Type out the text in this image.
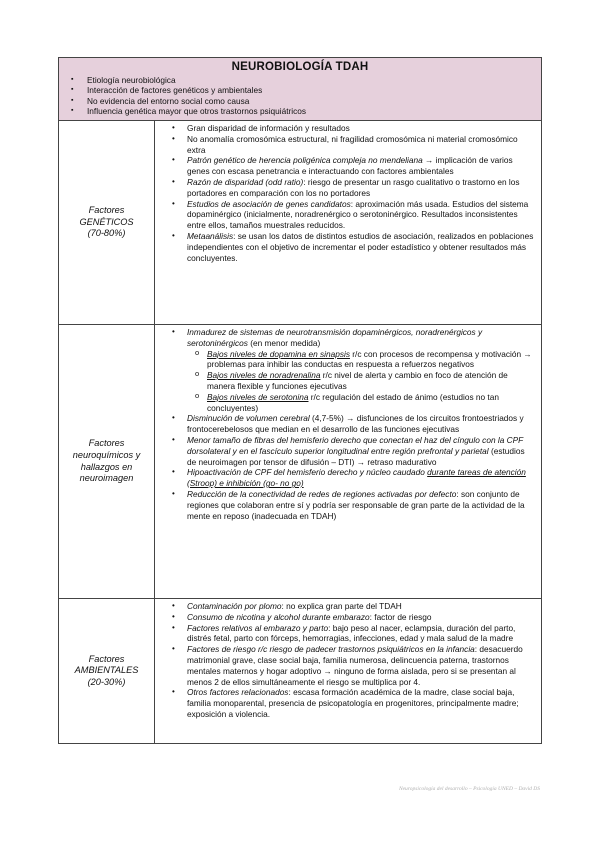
NEUROBIOLOGÍA TDAH
▪ Etiología neurobiológica
▪ Interacción de factores genéticos y ambientales
▪ No evidencia del entorno social como causa
▪ Influencia genética mayor que otros trastornos psiquiátricos
Factores GENÉTICOS (70-80%)
• Gran disparidad de información y resultados
• No anomalía cromosómica estructural, ni fragilidad cromosómica ni material cromosómico extra
• Patrón genético de herencia poligénica compleja no mendeliana → implicación de varios genes con escasa penetrancia e interactuando con factores ambientales
• Razón de disparidad (odd ratio): riesgo de presentar un rasgo cualitativo o trastorno en los portadores en comparación con los no portadores
• Estudios de asociación de genes candidatos: aproximación más usada. Estudios del sistema dopaminérgico (inicialmente, noradrenérgico o serotoninérgico. Resultados inconsistentes entre ellos, tamaños muestrales reducidos.
• Metaanálisis: se usan los datos de distintos estudios de asociación, realizados en poblaciones independientes con el objetivo de incrementar el poder estadístico y obtener resultados más concluyentes.
Factores neuroquímicos y hallazgos en neuroimagen
• Inmadurez de sistemas de neurotransmisión dopaminérgicos, noradrenérgicos y serotoninérgicos (en menor medida)
o Bajos niveles de dopamina en sinapsis r/c con procesos de recompensa y motivación → problemas para inhibir las conductas en respuesta a refuerzos negativos
o Bajos niveles de noradrenalina r/c nivel de alerta y cambio en foco de atención de manera flexible y funciones ejecutivas
o Bajos niveles de serotonina r/c regulación del estado de ánimo (estudios no tan concluyentes)
• Disminución de volumen cerebral (4,7-5%) → disfunciones de los circuitos frontoestriados y frontocerebelosos que median en el desarrollo de las funciones ejecutivas
• Menor tamaño de fibras del hemisferio derecho que conectan el haz del cíngulo con la CPF dorsolateral y en el fascículo superior longitudinal entre región prefrontal y parietal (estudios de neuroimagen por tensor de difusión – DTI) → retraso madurativo
• Hipoactivación de CPF del hemisferio derecho y núcleo caudado durante tareas de atención (Stroop) e inhibición (go- no go)
• Reducción de la conectividad de redes de regiones activadas por defecto: son conjunto de regiones que colaboran entre sí y podría ser responsable de gran parte de la actividad de la mente en reposo (inadecuada en TDAH)
Factores AMBIENTALES (20-30%)
• Contaminación por plomo: no explica gran parte del TDAH
• Consumo de nicotina y alcohol durante embarazo: factor de riesgo
• Factores relativos al embarazo y parto: bajo peso al nacer, eclampsia, duración del parto, distrés fetal, parto con fórceps, hemorragias, infecciones, edad y mala salud de la madre
• Factores de riesgo r/c riesgo de padecer trastornos psiquiátricos en la infancia: desacuerdo matrimonial grave, clase social baja, familia numerosa, delincuencia paterna, trastornos mentales maternos y hogar adoptivo → ninguno de forma aislada, pero si se presentan al menos 2 de ellos simultáneamente el riesgo se multiplica por 4.
• Otros factores relacionados: escasa formación académica de la madre, clase social baja, familia monoparental, presencia de psicopatología en progenitores, principalmente madre; exposición a violencia.
Neuropsicología del desarrollo – Psicología UNED – David DS
